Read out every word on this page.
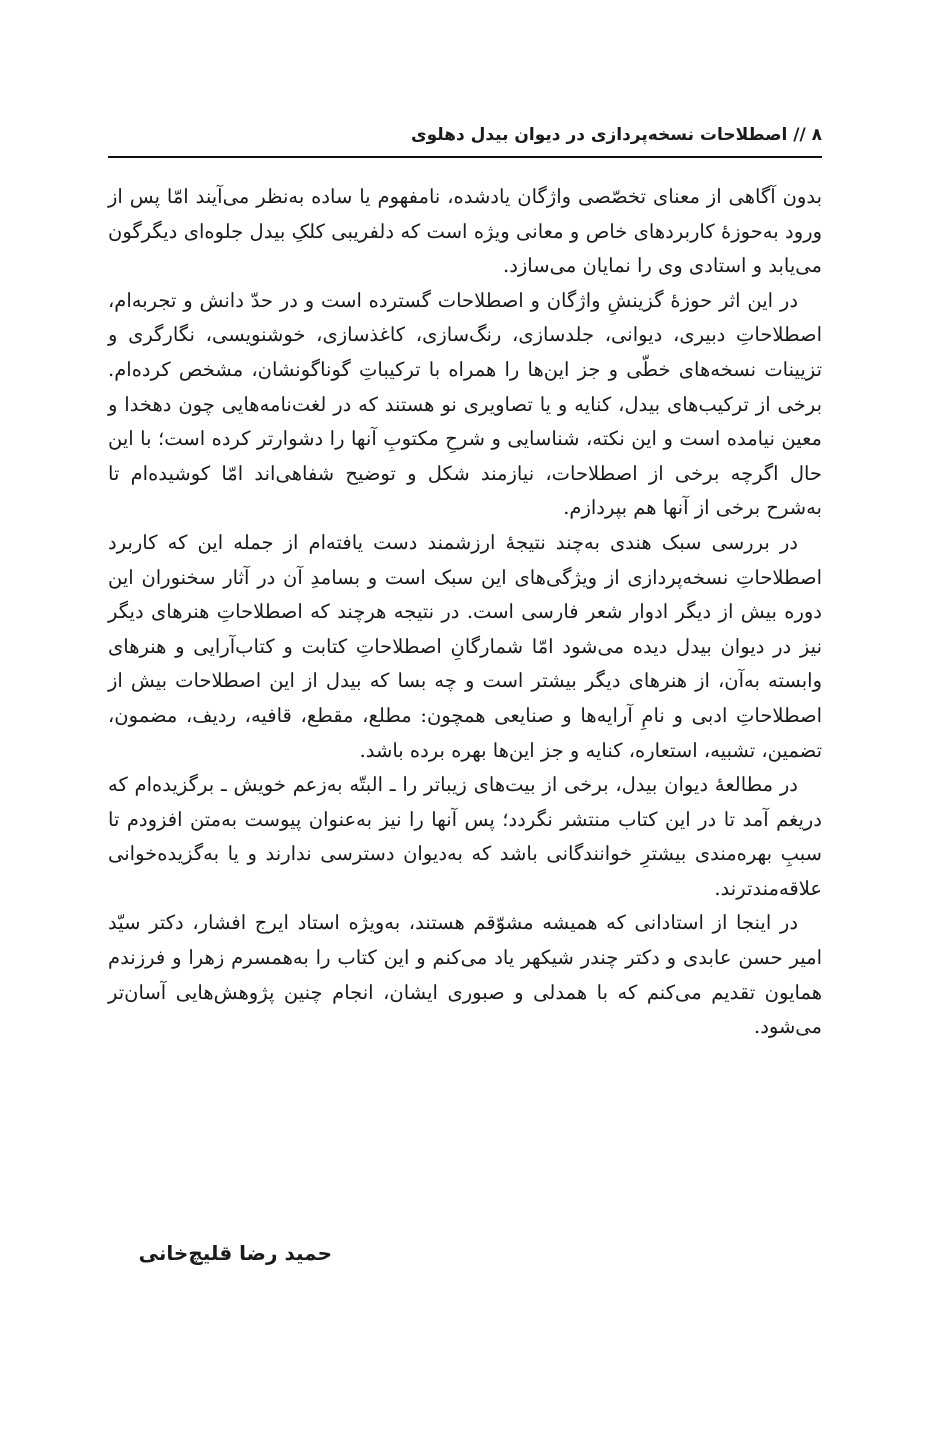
۸ // اصطلاحات نسخه‌پردازی در دیوان بیدل دهلوی

بدون آگاهی از معنای تخصّصی واژگان یادشده، نامفهوم یا ساده به‌نظر می‌آیند امّا پس از ورود به‌حوزهٔ کاربردهای خاص و معانی ویژه است که دلفریبی کلکِ بیدل جلوه‌ای دیگرگون می‌یابد و استادی وی را نمایان می‌سازد.

در این اثر حوزهٔ گزینشِ واژگان و اصطلاحات گسترده است و در حدّ دانش و تجربه‌ام، اصطلاحاتِ دبیری، دیوانی، جلدسازی، رنگ‌سازی، کاغذسازی، خوشنویسی، نگارگری و تزیینات نسخه‌های خطّی و جز این‌ها را همراه با ترکیباتِ گوناگونشان، مشخص کرده‌ام. برخی از ترکیب‌های بیدل، کنایه و یا تصاویری نو هستند که در لغت‌نامه‌هایی چون دهخدا و معین نیامده است و این نکته، شناسایی و شرحِ مکتوبِ آنها را دشوارتر کرده است؛ با این حال اگرچه برخی از اصطلاحات، نیازمند شکل و توضیح شفاهی‌اند امّا کوشیده‌ام تا به‌شرح برخی از آنها هم بپردازم.

در بررسی سبک هندی به‌چند نتیجهٔ ارزشمند دست یافته‌ام از جمله این که کاربرد اصطلاحاتِ نسخه‌پردازی از ویژگی‌های این سبک است و بسامدِ آن در آثار سخنوران این دوره بیش از دیگر ادوار شعر فارسی است. در نتیجه هرچند که اصطلاحاتِ هنرهای دیگر نیز در دیوان بیدل دیده می‌شود امّا شمارگانِ اصطلاحاتِ کتابت و کتاب‌آرایی و هنرهای وابسته به‌آن، از هنرهای دیگر بیشتر است و چه بسا که بیدل از این اصطلاحات بیش از اصطلاحاتِ ادبی و نامِ آرایه‌ها و صنایعی همچون: مطلع، مقطع، قافیه، ردیف، مضمون، تضمین، تشبیه، استعاره، کنایه و جز این‌ها بهره برده باشد.

در مطالعهٔ دیوان بیدل، برخی از بیت‌های زیباتر را ـ البتّه به‌زعم خویش ـ برگزیده‌ام که دریغم آمد تا در این کتاب منتشر نگردد؛ پس آنها را نیز به‌عنوان پیوست به‌متن افزودم تا سببِ بهره‌مندی بیشترِ خوانندگانی باشد که به‌دیوان دسترسی ندارند و یا به‌گزیده‌خوانی علاقه‌مندترند.

در اینجا از استادانی که همیشه مشوّقم هستند، به‌ویژه استاد ایرج افشار، دکتر سیّد امیر حسن عابدی و دکتر چندر شیکهر یاد می‌کنم و این کتاب را به‌همسرم زهرا و فرزندم همایون تقدیم می‌کنم که با همدلی و صبوری ایشان، انجام چنین پژوهش‌هایی آسان‌تر می‌شود.

حمید رضا قلیچ‌خانی
